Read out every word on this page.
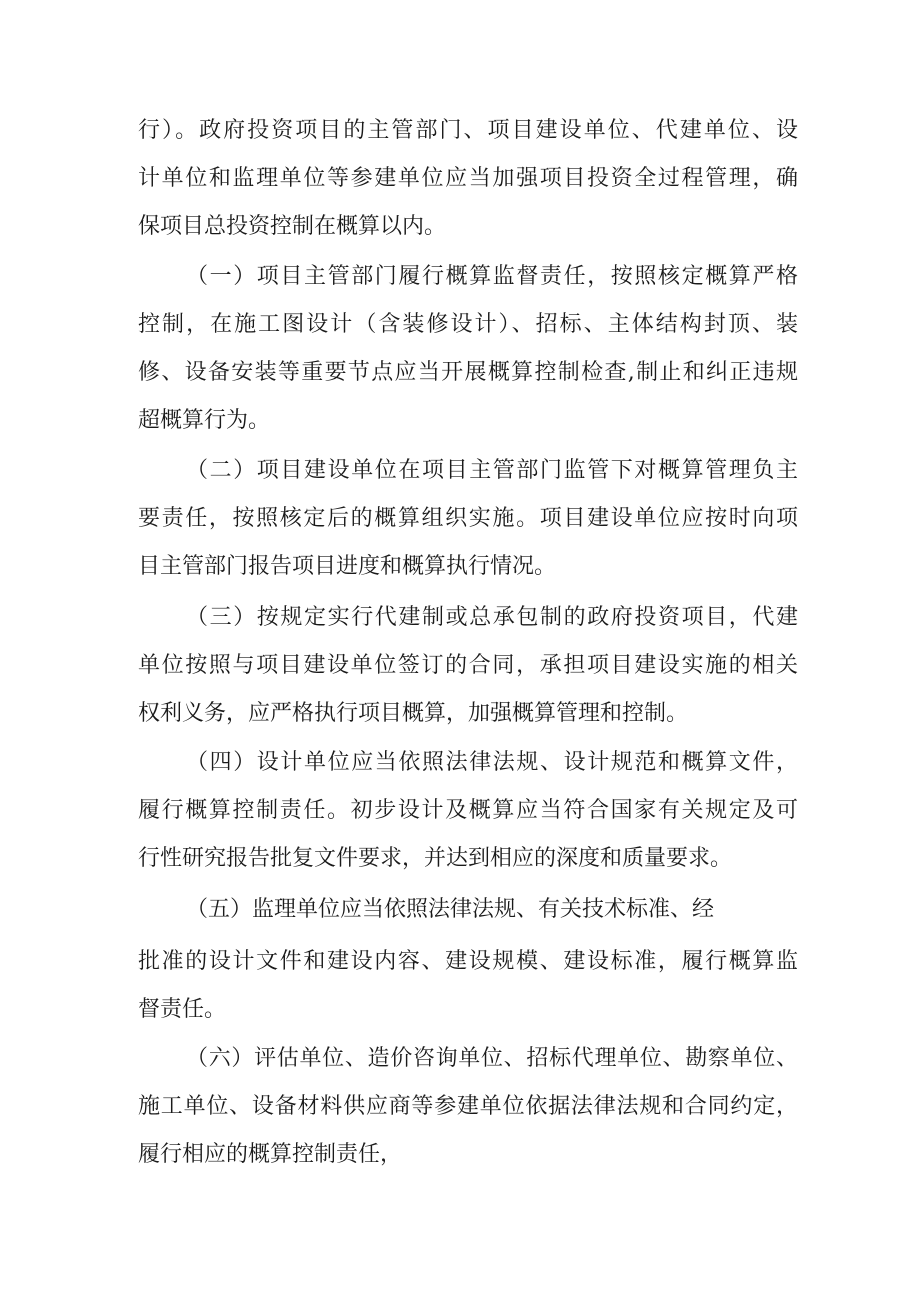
行）。政府投资项目的主管部门、项目建设单位、代建单位、设
计单位和监理单位等参建单位应当加强项目投资全过程管理，确
保项目总投资控制在概算以内。
（一）项目主管部门履行概算监督责任，按照核定概算严格
控制，在施工图设计（含装修设计）、招标、主体结构封顶、装
修、设备安装等重要节点应当开展概算控制检查,制止和纠正违规
超概算行为。
（二）项目建设单位在项目主管部门监管下对概算管理负主
要责任，按照核定后的概算组织实施。项目建设单位应按时向项
目主管部门报告项目进度和概算执行情况。
（三）按规定实行代建制或总承包制的政府投资项目，代建
单位按照与项目建设单位签订的合同，承担项目建设实施的相关
权利义务，应严格执行项目概算，加强概算管理和控制。
（四）设计单位应当依照法律法规、设计规范和概算文件，
履行概算控制责任。初步设计及概算应当符合国家有关规定及可
行性研究报告批复文件要求，并达到相应的深度和质量要求。
（五）监理单位应当依照法律法规、有关技术标准、经
批准的设计文件和建设内容、建设规模、建设标准，履行概算监
督责任。
（六）评估单位、造价咨询单位、招标代理单位、勘察单位、
施工单位、设备材料供应商等参建单位依据法律法规和合同约定，
履行相应的概算控制责任，
